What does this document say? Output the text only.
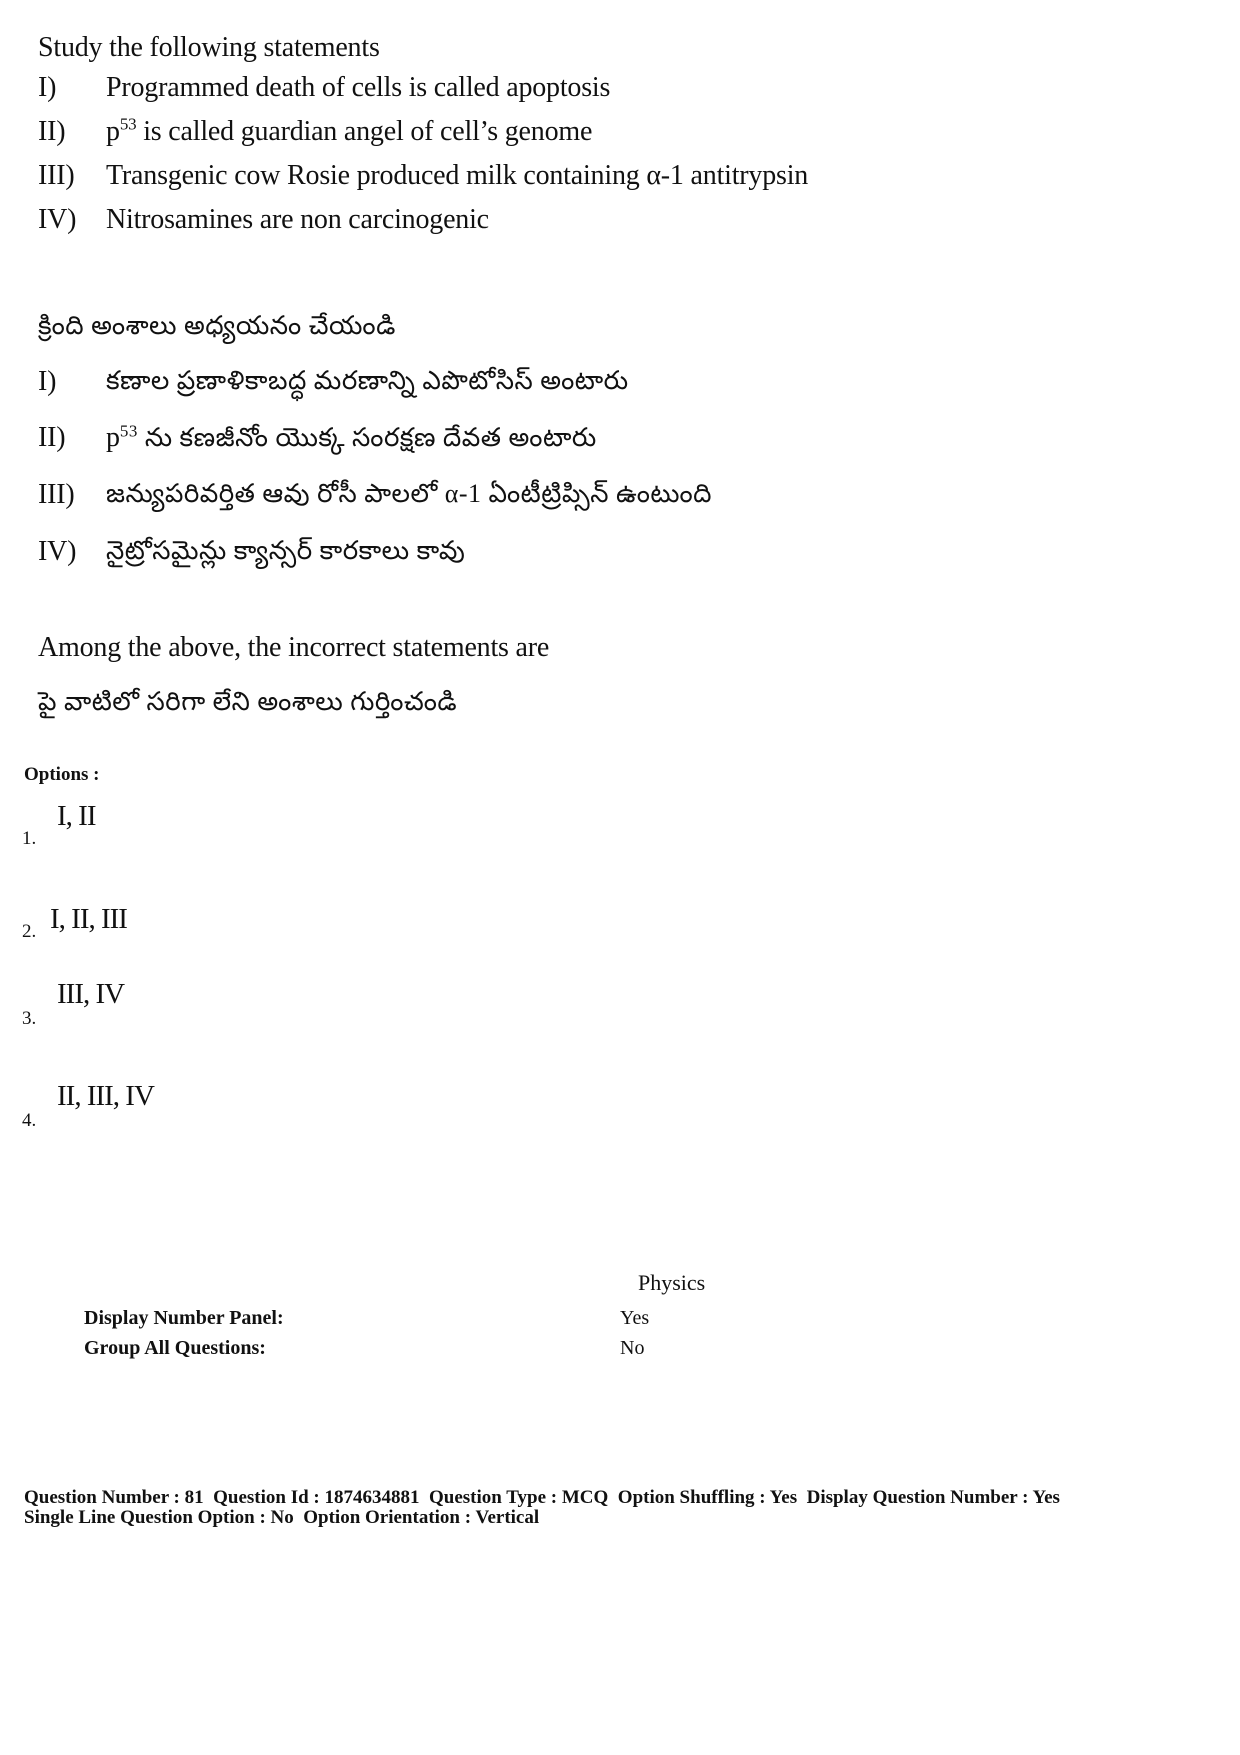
Study the following statements
I) Programmed death of cells is called apoptosis
II) $p^{53}$ is called guardian angel of cell’s genome
III) Transgenic cow Rosie produced milk containing α-1 antitrypsin
IV) Nitrosamines are non carcinogenic
క్రింది అంశాలు అధ్యయనం చేయండి
I) కణాల ప్రణాళికాబద్ధ మరణాన్ని ఎపొటోసిస్ అంటారు
II) $p^{53}$ ను కణజీనోం యొక్క సంరక్షణ దేవత అంటారు
III) జన్యుపరివర్తిత ఆవు రోసీ పాలలో α-1 ఏంటీట్రిప్సిన్ ఉంటుంది
IV) నైట్రోసమైన్లు క్యాన్సర్ కారకాలు కావు
Among the above, the incorrect statements are
పై వాటిలో సరిగా లేని అంశాలు గుర్తించండి
Options :
1.
I, II
2. I, II, III
3.
III, IV
4.
II, III, IV
Physics
Display Number Panel:	Yes
Group All Questions:	No
Question Number : 81  Question Id : 1874634881  Question Type : MCQ  Option Shuffling : Yes  Display Question Number : Yes
Single Line Question Option : No  Option Orientation : Vertical
